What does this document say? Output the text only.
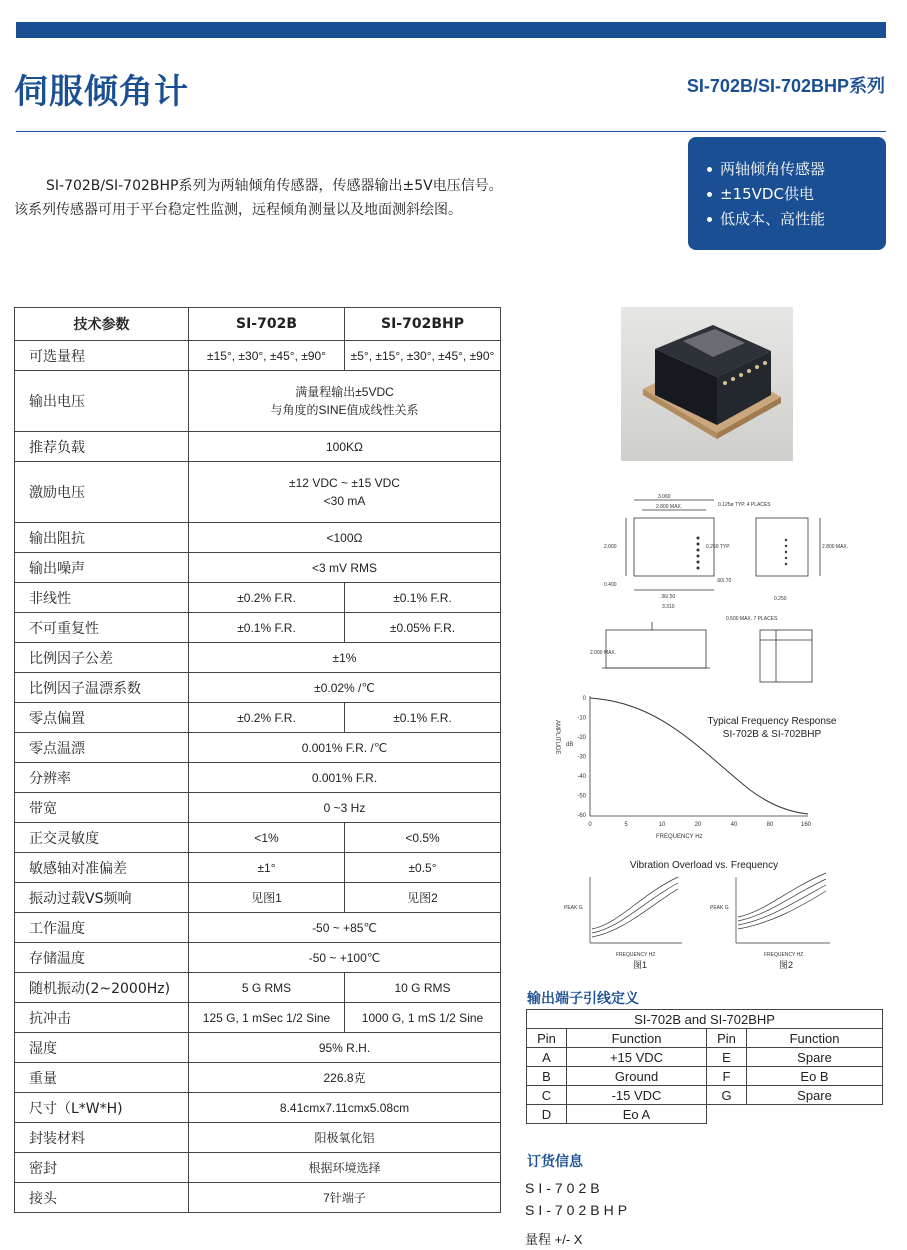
伺服倾角计	SI-702B/SI-702BHP系列

SI-702B/SI-702BHP系列为两轴倾角传感器，传感器输出±5V电压信号。

该系列传感器可用于平台稳定性监测，远程倾角测量以及地面测斜绘图。

两轴倾角传感器
±15VDC供电
低成本、高性能
技术参数	SI-702B	SI-702BHP
可选量程	±15°, ±30°, ±45°, ±90°	±5°, ±15°, ±30°, ±45°, ±90°
输出电压	满量程输出±5VDC
与角度的SINE值成线性关系	

推荐负载	100KΩ	

激励电压	±12 VDC ~ ±15 VDC
<30 mA	

输出阻抗	<100Ω	

输出噪声	<3 mV RMS	

非线性	±0.2% F.R.	±0.1% F.R.
不可重复性	±0.1% F.R.	±0.05% F.R.
比例因子公差	±1%	

比例因子温漂系数	±0.02% /℃	

零点偏置	±0.2% F.R.	±0.1% F.R.
零点温漂	0.001% F.R. /℃	

分辨率	0.001% F.R.	

带宽	0 ~3 Hz	

正交灵敏度	<1%	<0.5%
敏感轴对准偏差	±1°	±0.5°
振动过载VS频响	见图1	见图2
工作温度	-50 ~ +85℃	

存储温度	-50 ~ +100℃	

随机振动(2~2000Hz)	5 G RMS	10 G RMS
抗冲击	125 G, 1 mSec 1/2 Sine	1000 G, 1 mS 1/2 Sine
湿度	95% R.H.	

重量	226.8克	

尺寸（L*W*H)	8.41cmx7.11cmx5.08cm	

封装材料	阳极氧化铝	

密封	根据环境选择	

接头	7针端子	
3.060
2.800 MAX.	0.125ø TYP. 4 PLACES
2.000	0.250 TYP.	2.800 MAX.
0.400
.60/.70
.36/.50
3.310
0.250
0.500 MAX. 7 PLACES
2.000 MAX.
0
-10
-20
-30
-40
-50
-60
0	5	10	20	40	80	160
AMPLITUDE dB
FREQUENCY Hz
Typical Frequency Response
SI-702B & SI-702BHP
Vibration Overload vs. Frequency
PEAK G	PEAK G
FREQUENCY HZ	FREQUENCY HZ
图1	图2
输出端子引线定义
SI-702B and SI-702BHP			
Pin	Function	Pin	Function
A	+15 VDC	E	Spare
B	Ground	F	Eo B
C	-15 VDC	G	Spare
D	Eo A		
订货信息
SI-702B
SI-702BHP
量程 +/- X
